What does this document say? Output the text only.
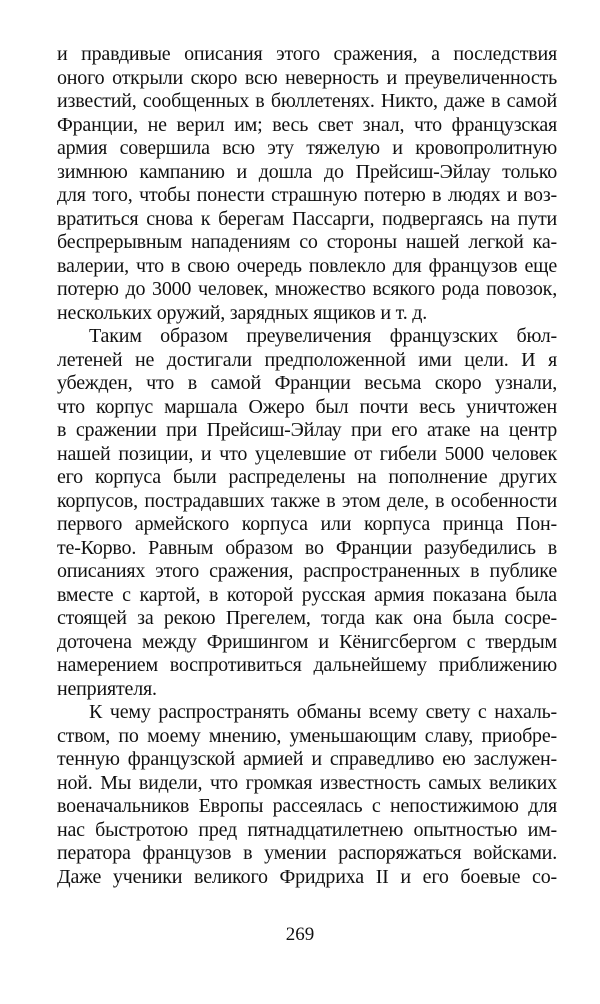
и правдивые описания этого сражения, а последствия
оного открыли скоро всю неверность и преувеличенность
известий, сообщенных в бюллетенях. Никто, даже в самой
Франции, не верил им; весь свет знал, что французская
армия совершила всю эту тяжелую и кровопролитную
зимнюю кампанию и дошла до Прейсиш-Эйлау только
для того, чтобы понести страшную потерю в людях и воз-
вратиться снова к берегам Пассарги, подвергаясь на пути
беспрерывным нападениям со стороны нашей легкой ка-
валерии, что в свою очередь повлекло для французов еще
потерю до 3000 человек, множество всякого рода повозок,
нескольких оружий, зарядных ящиков и т. д.
Таким образом преувеличения французских бюл-
летеней не достигали предположенной ими цели. И я
убежден, что в самой Франции весьма скоро узнали,
что корпус маршала Ожеро был почти весь уничтожен
в сражении при Прейсиш-Эйлау при его атаке на центр
нашей позиции, и что уцелевшие от гибели 5000 человек
его корпуса были распределены на пополнение других
корпусов, пострадавших также в этом деле, в особенности
первого армейского корпуса или корпуса принца Пон-
те-Корво. Равным образом во Франции разубедились в
описаниях этого сражения, распространенных в публике
вместе с картой, в которой русская армия показана была
стоящей за рекою Прегелем, тогда как она была сосре-
доточена между Фришингом и Кёнигсбергом с твердым
намерением воспротивиться дальнейшему приближению
неприятеля.
К чему распространять обманы всему свету с нахаль-
ством, по моему мнению, уменьшающим славу, приобре-
тенную французской армией и справедливо ею заслужен-
ной. Мы видели, что громкая известность самых великих
военачальников Европы рассеялась с непостижимою для
нас быстротою пред пятнадцатилетнею опытностью им-
ператора французов в умении распоряжаться войсками.
Даже ученики великого Фридриха II и его боевые со-
269
